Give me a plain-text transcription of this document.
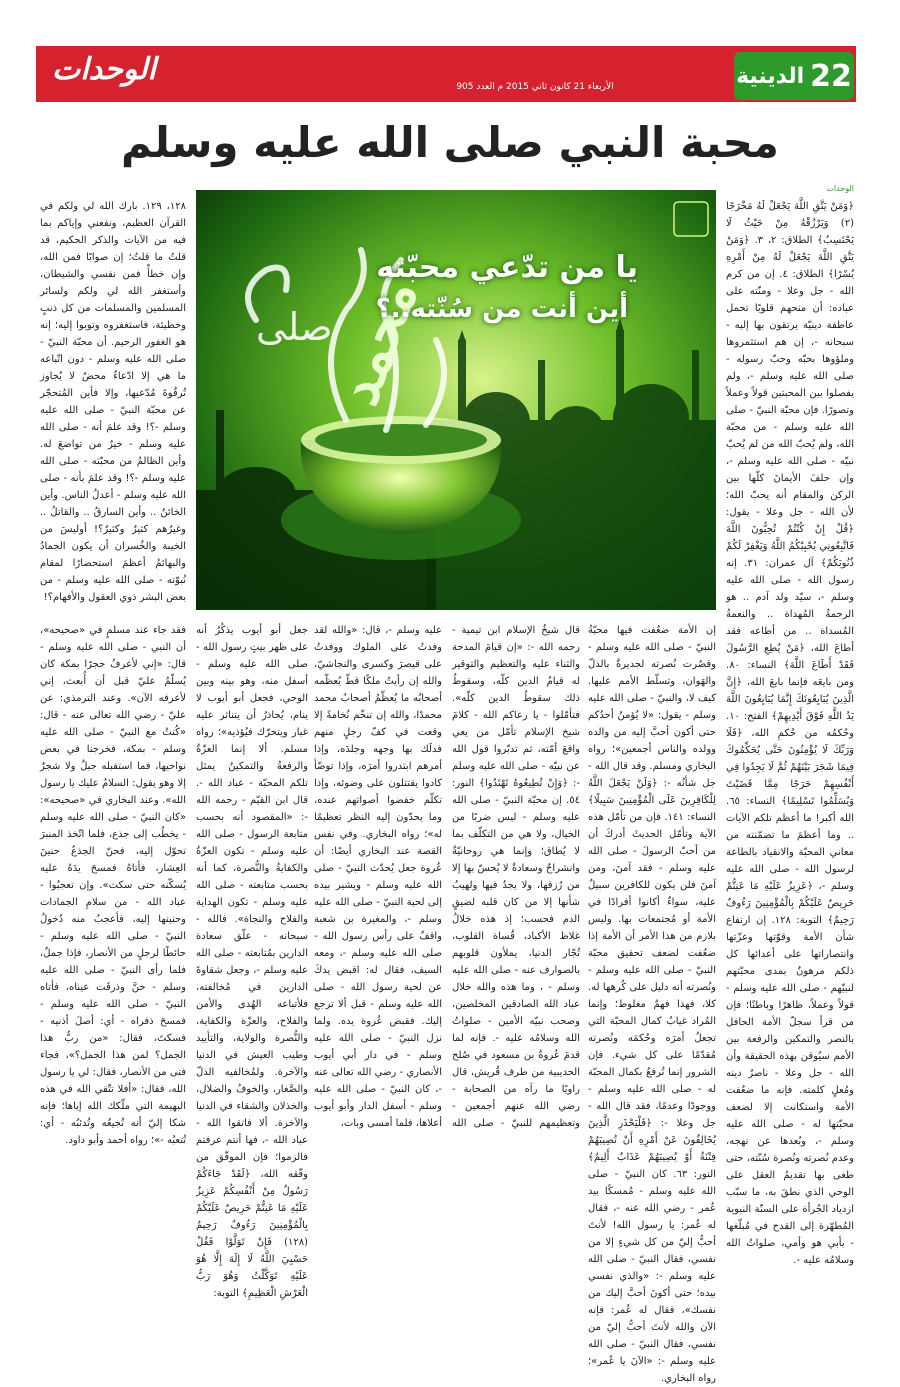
الوحدات	الأربعاء 21 كانون ثاني 2015 م العدد 905	22
الدينية
محبة النبي صلى الله عليه وسلم
الوحدات
صلى
محمد
يا من تدّعي محبّته
أين أنت من سُنّته..؟

﴿وَمَنْ يَتَّقِ اللَّهَ يَجْعَلْ لَهُ مَخْرَجًا (٢) وَيَرْزُقْهُ مِنْ حَيْثُ لَا يَحْتَسِبُ﴾ الطلاق: ٢، ٣. ﴿وَمَنْ يَتَّقِ اللَّهَ يَجْعَلْ لَهُ مِنْ أَمْرِهِ يُسْرًا﴾ الطلاق: ٤. إن من كرم الله - جل وعلا - ومنّته على عباده: أن منحهم قلوبًا تحمل عاطفة دينيّة يرتقون بها إليه - سبحانه -، إن هم استثمروها وملؤوها بحبّه وحبّ رسوله - صلى الله عليه وسلم -، ولم يفصلوا بين المحبتين قولاً وعملاً وتصورًا. فإن محبّة النبيّ - صلى الله عليه وسلم - من محبّة الله، ولم يُحبّ الله من لم يُحبّ نبيّه - صلى الله عليه وسلم -، وإن حلفَ الأيمانَ كلّها بين الركن والمقام أنه يحبّ الله؛ لأن الله - جل وعلا - يقول: ﴿قُلْ إِنْ كُنْتُمْ تُحِبُّونَ اللَّهَ فَاتَّبِعُونِي يُحْبِبْكُمُ اللَّهُ وَيَغْفِرْ لَكُمْ ذُنُوبَكُمْ﴾ آل عمران: ٣١. إنه رسول الله - صلى الله عليه وسلم -، سيّد ولد آدم .. هو الرحمةُ المُهداة .. والنعمةُ المُسداة .. من أطاعه فقد أطاعَ الله، ﴿مَنْ يُطِعِ الرَّسُولَ فَقَدْ أَطَاعَ اللَّهَ﴾ النساء: ٨٠. ومن بايعَه فإنما بايعَ الله، ﴿إِنَّ الَّذِينَ يُبَايِعُونَكَ إِنَّمَا يُبَايِعُونَ اللَّهَ يَدُ اللَّهِ فَوْقَ أَيْدِيهِمْ﴾ الفتح: ١٠. وحُكمُه من حُكمِ الله، ﴿فَلَا وَرَبِّكَ لَا يُؤْمِنُونَ حَتَّى يُحَكِّمُوكَ فِيمَا شَجَرَ بَيْنَهُمْ ثُمَّ لَا يَجِدُوا فِي أَنْفُسِهِمْ حَرَجًا مِمَّا قَضَيْتَ وَيُسَلِّمُوا تَسْلِيمًا﴾ النساء: ٦٥. الله أكبر! ما أعظم تلكم الآيات .. وما أعظمَ ما تضمّنته من معاني المحبّة والانقياد بالطاعة لرسول الله - صلى الله عليه وسلم -، ﴿عَزِيزٌ عَلَيْهِ مَا عَنِتُّمْ حَرِيصٌ عَلَيْكُمْ بِالْمُؤْمِنِينَ رَءُوفٌ رَحِيمٌ﴾ التوبة: ١٢٨. إن ارتفاع شأن الأمة وقوّتها وعزّتها وانتصاراتها على أعدائها كل ذلكم مرهونٌ بمدى محبّتهم لنبيّهم - صلى الله عليه وسلم - قولاً وعملاً، ظاهرًا وباطنًا؛ فإن من قرأ سجلّ الأمة الحافل بالنصر والتمكين والرفعة بين الأمم سيُوقن بهذه الحقيقة وأن الله - جل وعلا - ناصرٌ دينه ومُعلٍ كلمته. فإنه ما ضعُفت الأمة واستكانت إلا لضعف محبّتها له - صلى الله عليه وسلم -، وبُعدها عن نهجه، وعدم نُصرته ونُصرة سُنّته، حتى طغى بها تقديمُ العقل على الوحي الذي نطقَ به، ما سبّب ازدياد الجُرأة على السنّة النبوية المُطهّرة إلى القدح في مُبلّغها - بأبي هو وأمي، صلواتُ الله وسلامُه عليه -.

إن الأمة ضعُفت فيها محبّةُ النبيّ - صلى الله عليه وسلم - وقصُرت نُصرته لجديرةٌ بالذلّ والهَوان، وتسلّط الأمم عليها. كيف لا، والنبيّ - صلى الله عليه وسلم - يقول: «لا يُؤمنُ أحدُكم حتى أكون أحبَّ إليه من والده وولده والناس أجمعين»؛ رواه البخاري ومسلم. وقد قال الله - جل شأنُه -: ﴿وَلَنْ يَجْعَلَ اللَّهُ لِلْكَافِرِينَ عَلَى الْمُؤْمِنِينَ سَبِيلًا﴾ النساء: ١٤١. فإن من تأمّل هذه الآية وتأمّل الحديثَ أدركَ أن من أحبّ الرسولَ - صلى الله عليه وسلم - فقد آمنَ، ومن آمنَ فلن يكون للكافرين سبيلٌ عليه، سواءٌ أكانوا أفرادًا في الأمة أو مُجتمعات بها. وليس بلازم من هذا الأمر أن الأمة إذا ضعُفت لضعف تحقيق محبّة النبيّ - صلى الله عليه وسلم - ونُصرته أنه دليل على كُرهها له. كلا، فهذا فهمٌ مغلوط؛ وإنما المُراد غيابُ كمال المحبّة التي تجعلُ أمرَه وحُكمَه ونُصرته مُقدّمًا على كل شيء. فإن الشرور إنما تُرفعُ بكمال المحبّة له - صلى الله عليه وسلم - ووجودًا وعدمًا، فقد قال الله - جل وعلا -: ﴿فَلْيَحْذَرِ الَّذِينَ يُخَالِفُونَ عَنْ أَمْرِهِ أَنْ تُصِيبَهُمْ فِتْنَةٌ أَوْ يُصِيبَهُمْ عَذَابٌ أَلِيمٌ﴾ النور: ٦٣. كان النبيّ - صلى الله عليه وسلم - مُمسكًا بيد عُمر - رضي الله عنه -، فقال له عُمر: يا رسول الله! لأنتَ أحبُّ إليّ من كل شيءٍ إلا من نفسي، فقال النبيّ - صلى الله عليه وسلم -: «والذي نفسي بيده؛ حتى أكونَ أحبَّ إليك من نفسك»، فقال له عُمر: فإنه الآن والله لأنتَ أحبُّ إليّ من نفسي، فقال النبيّ - صلى الله عليه وسلم -: «الآنَ يا عُمر»؛ رواه البخاري.

قال شيخُ الإسلام ابن تيمية - رحمه الله -: «إن قيامَ المدحة والثناء عليه والتعظيم والتوقير له قيامُ الدين كلّه، وسقوطُ ذلك سقوطُ الدين كلّه». فتأمّلوا - يا رعاكم الله - كلامَ شيخ الإسلام تأمّل من يعي واقعَ أمّته، ثم تدبّروا قول الله عن نبيّه - صلى الله عليه وسلم -: ﴿وَإِنْ تُطِيعُوهُ تَهْتَدُوا﴾ النور: ٥٤. إن محبّة النبيّ - صلى الله عليه وسلم - ليس ضربًا من الخيال، ولا هي من التكلّف بما لا يُطاق؛ وإنما هي روحانيّةٌ وانشراحٌ وسعادةٌ لا يُحسّ بها إلا من رُزقها، ولا يجدُ فيها ولهيبُ شأنها إلا من كان قلبه لضيقٍ الدم فحسب؛ إذ هذه خلالُ غلاظ الأكباد، قُساة القلوب، تُجّار الدنيا، يملأون قلوبهم بالصوارف عنه - صلى الله عليه وسلم - ، وما هذه والله خلال عباد الله الصادقين المخلصين، وصحب نبيّه الأمين - صلواتُ الله وسلامُه عليه -. فإنه لما قدمَ عُروةُ بن مسعود في صُلح الحديبية من طرف قُريش، قال راويًا ما رآه من الصحابة - رضي الله عنهم أجمعين - وتعظيمهم للنبيّ - صلى الله عليه وسلم -، قال: «والله لقد وفدتُ على الملوك ووفدتُ على قيصرَ وكسرى والنجاشيّ، والله إن رأيتُ ملكًا قطّ يُعظّمه أصحابُه ما يُعظّمُ أصحابُ محمد محمدًا، والله إن تنخّم نُخامةً إلا وقعت في كفّ رجلٍ منهم فدلَك بها وجهه وجلدَه، وإذا أمرهم ابتدروا أمرَه، وإذا توضّأ كادوا يقتتلون على وضوئه، وإذا تكلّم خفضوا أصواتهم عنده، وما يحدّون إليه النظر تعظيمًا له»؛ رواه البخاري. وفي نفس القصة عند البخاري أيضًا: أن عُروة جعل يُحدّث النبيّ - صلى الله عليه وسلم - ويشير بيده إلى لحية النبيّ - صلى الله عليه وسلم -، والمغيرة بن شعبة واقفٌ على رأس رسول الله - صلى الله عليه وسلم -، ومعه السيف، فقال له: اقبض يدكَ عن لحية رسول الله - صلى الله عليه وسلم - قبل ألا ترجع إليك. فقبض عُروة يده. ولما نزل النبيّ - صلى الله عليه وسلم - في دار أبي أيوب الأنصاري - رضي الله تعالى عنه -، كان النبيّ - صلى الله عليه وسلم - أسفل الدار وأبو أيوب أعلاها، فلما أمسى وبات،

جعل أبو أيوب يذكُرُ أنه على ظهر بيتٍ رسول الله - صلى الله عليه وسلم - أسفل منه، وهو بينه وبين الوحي، فجعل أبو أيوب لا ينام، يُحاذرُ أن يتناثر عليه غبار ويتحرّك فيُؤذيه»؛ رواه مسلم. ألا إنما العزّةُ والرفعةُ والتمكينُ يمثل تلكم المحبّة - عباد الله -. قال ابن القيّم - رحمه الله -: «المقصود أنه بحسب متابعة الرسول - صلى الله عليه وسلم - تكون العزّةُ والكفايةُ والنُّصرة، كما أنه بحسب متابعته - صلى الله عليه وسلم - تكون الهداية والفلاح والنجاة». فالله - سبحانه - علّق سعادة الدارين بمُتابعته - صلى الله عليه وسلم -، وجعل شقاوةَ الدارين في مُخالفته، فلأتباعه الهُدى والأمن والفلاح، والعزّة والكفاية، والنُّصرة والولاية، والتأييد وطيب العيش في الدنيا والآخرة. ولمُخالفيه الذلّ والصَّغار، والخوفُ والضلال، والخذلان والشقاء في الدنيا والآخرة. ألا فاتقوا الله - عباد الله -، فها أنتم عرفتم فالزموا؛ فإن الموفّق من وفّقه الله، ﴿لَقَدْ جَاءَكُمْ رَسُولٌ مِنْ أَنْفُسِكُمْ عَزِيزٌ عَلَيْهِ مَا عَنِتُّمْ حَرِيصٌ عَلَيْكُمْ بِالْمُؤْمِنِينَ رَءُوفٌ رَحِيمٌ (١٢٨) فَإِنْ تَوَلَّوْا فَقُلْ حَسْبِيَ اللَّهُ لَا إِلَهَ إِلَّا هُوَ عَلَيْهِ تَوَكَّلْتُ وَهُوَ رَبُّ الْعَرْشِ الْعَظِيمِ﴾ التوبة:

١٢٨، ١٢٩. بارك الله لي ولكم في القرآن العظيم، ونفعني وإياكم بما فيه من الآيات والذكر الحكيم، قد قلتُ ما قلتُ؛ إن صوابًا فمن الله، وإن خطأً فمن نفسي والشيطان، وأستغفر الله لي ولكم ولسائر المسلمين والمسلمات من كل ذنبٍ وخطيئة، فاستغفروه وتوبوا إليه؛ إنه هو الغفور الرحيم. أن محبّة النبيّ - صلى الله عليه وسلم - دون اتّباعه ما هي إلا ادّعاءٌ محضٌ لا يُجاوز تُرقُوةَ مُدّعيها، وإلا فأين المُتحجّر عن محبّة النبيّ - صلى الله عليه وسلم -؟! وقد علمَ أنه - صلى الله عليه وسلم - خيرُ من تواضعَ له. وأين الظالمُ من محبّته - صلى الله عليه وسلم -؟! وقد علمَ بأنه - صلى الله عليه وسلم - أعدلُ الناس. وأين الخائنُ .. وأين السارقُ .. والقاتلُ .. وغيرُهم كثيرٌ وكثيرٌ؟! أوليسَ من الخيبة والخُسران أن يكون الجمادُ والبهائمُ أعظمَ استحضارًا لمقام نُبوّته - صلى الله عليه وسلم - من بعض البشر ذوي العقول والأفهام؟!

فقد جاء عند مسلمٍ في «صحيحه»، أن النبي - صلى الله عليه وسلم - قال: «إني لأعرفُ حجرًا بمكة كان يُسلّمُ عليّ قبل أن أُبعث، إني لأعرفه الآن». وعند الترمذي: عن عليّ - رضي الله تعالى عنه - قال: «كُنتُ مع النبيّ - صلى الله عليه وسلم - بمكة، فخرجنا في بعض نواحيها، فما استقبله جبلٌ ولا شجرٌ إلا وهو يقول: السلامُ عليك يا رسول الله». وعند البخاري في «صحيحه»: «كان النبيّ - صلى الله عليه وسلم - يخطُب إلى جذع، فلما اتّخذ المنبرَ تحوّل إليه، فحنّ الجذعُ حنينَ العِشار، فأتاهُ فمسحَ يدَهُ عليه يُسكّنه حتى سكت». وإن تعجبُوا - عباد الله - من سلامِ الجمادات وحنينها إليه، فأعجبُ منه دُخولُ النبيّ - صلى الله عليه وسلم - حائطًا لرجلٍ من الأنصار، فإذا جملٌ، فلما رأى النبيّ - صلى الله عليه وسلم - حنَّ وذرفَت عيناه، فأتاه النبيّ - صلى الله عليه وسلم - فمسحَ ذفراه - أي: أصلَ أذنيه - فسكتَ، فقال: «من ربُّ هذا الجمل؟ لمن هذا الجمل؟»، فجاء فتى من الأنصار، فقال: لي يا رسول الله، فقال: «أفلا تتّقي الله في هذه البهيمة التي ملّكك الله إياها؛ فإنه شكا إليّ أنه تُجيعُه وتُدئبُه - أي: تُتعبُه -»؛ رواه أحمد وأبو داود.
